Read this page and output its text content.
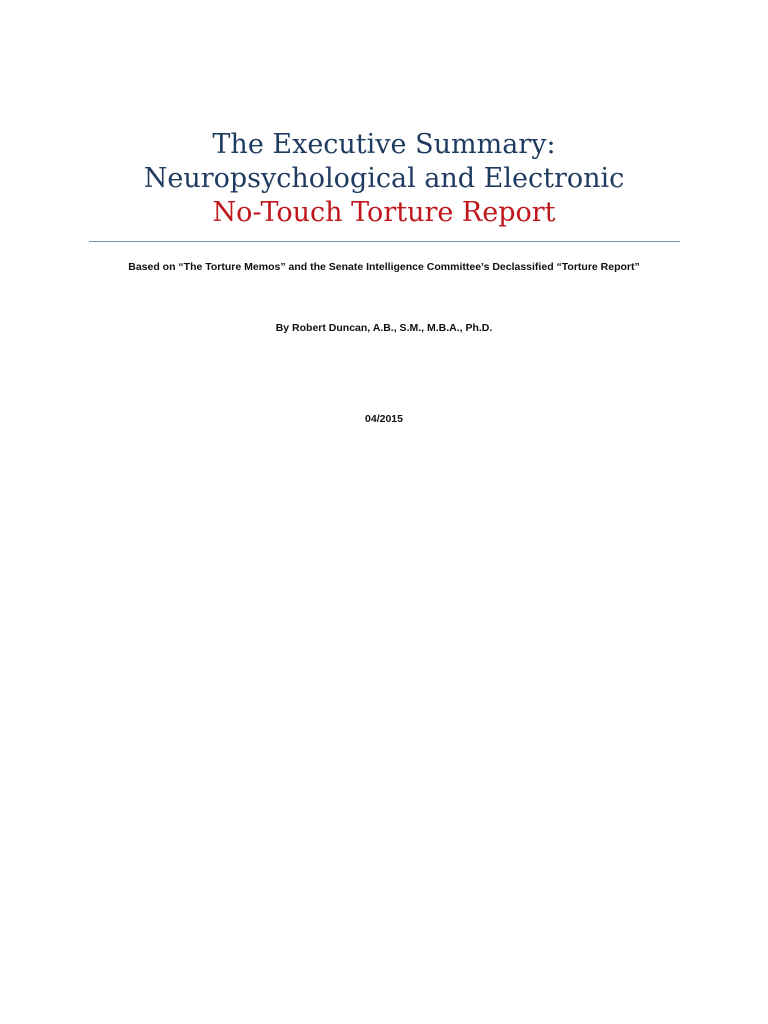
The Executive Summary:
Neuropsychological and Electronic
No-Touch Torture Report
Based on “The Torture Memos” and the Senate Intelligence Committee’s Declassified “Torture Report”
By Robert Duncan, A.B., S.M., M.B.A., Ph.D.
04/2015
